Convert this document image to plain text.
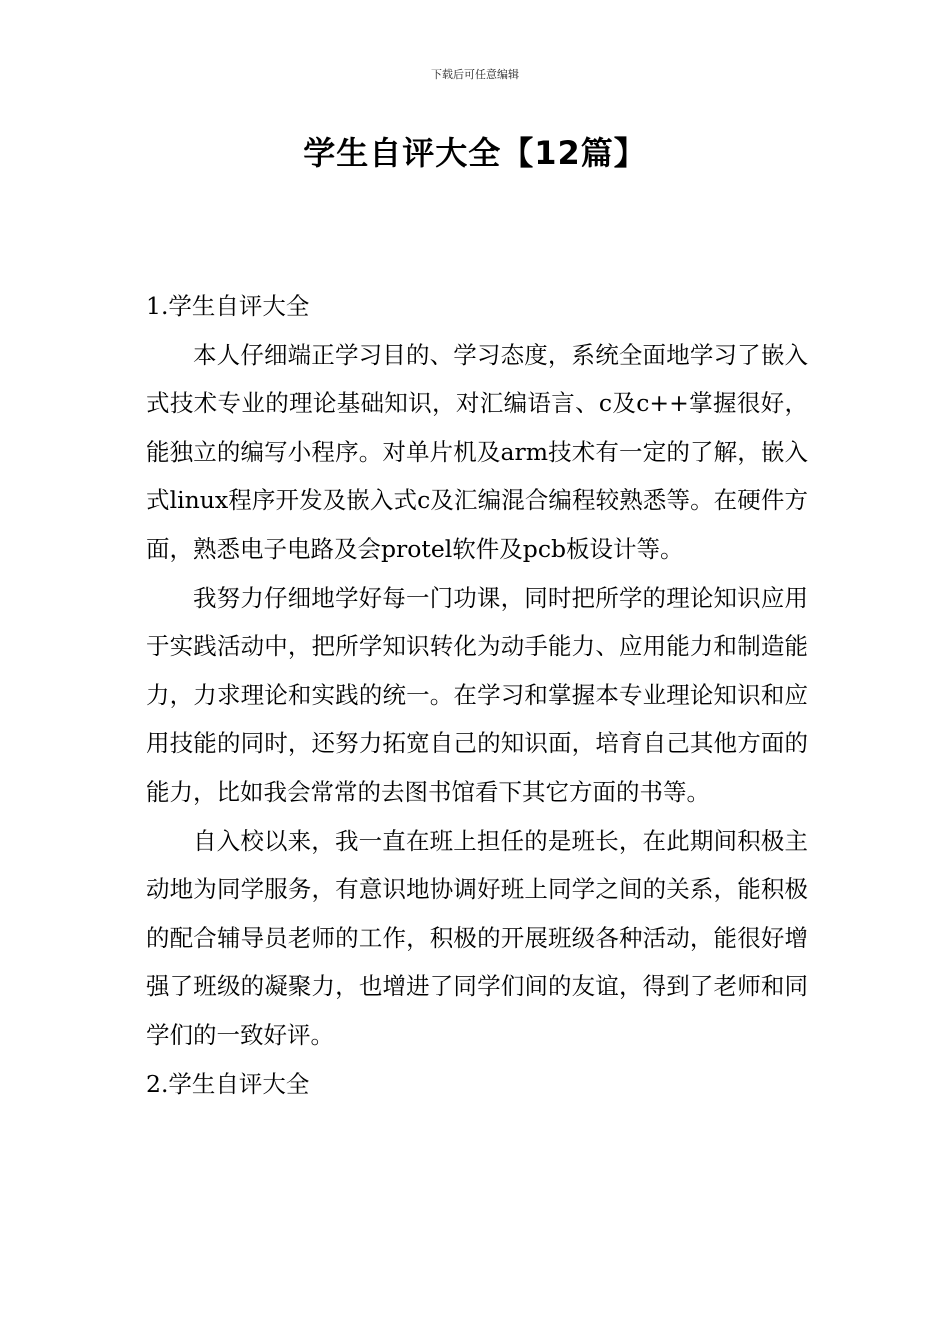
下载后可任意编辑
学生自评大全【12篇】

1.学生自评大全

本人仔细端正学习目的、学习态度，系统全面地学习了嵌入式技术专业的理论基础知识，对汇编语言、c及c++掌握很好，能独立的编写小程序。对单片机及arm技术有一定的了解，嵌入式linux程序开发及嵌入式c及汇编混合编程较熟悉等。在硬件方面，熟悉电子电路及会protel软件及pcb板设计等。

我努力仔细地学好每一门功课，同时把所学的理论知识应用于实践活动中，把所学知识转化为动手能力、应用能力和制造能力，力求理论和实践的统一。在学习和掌握本专业理论知识和应用技能的同时，还努力拓宽自己的知识面，培育自己其他方面的能力，比如我会常常的去图书馆看下其它方面的书等。

自入校以来，我一直在班上担任的是班长，在此期间积极主动地为同学服务，有意识地协调好班上同学之间的关系，能积极的配合辅导员老师的工作，积极的开展班级各种活动，能很好增强了班级的凝聚力，也增进了同学们间的友谊，得到了老师和同学们的一致好评。

2.学生自评大全
